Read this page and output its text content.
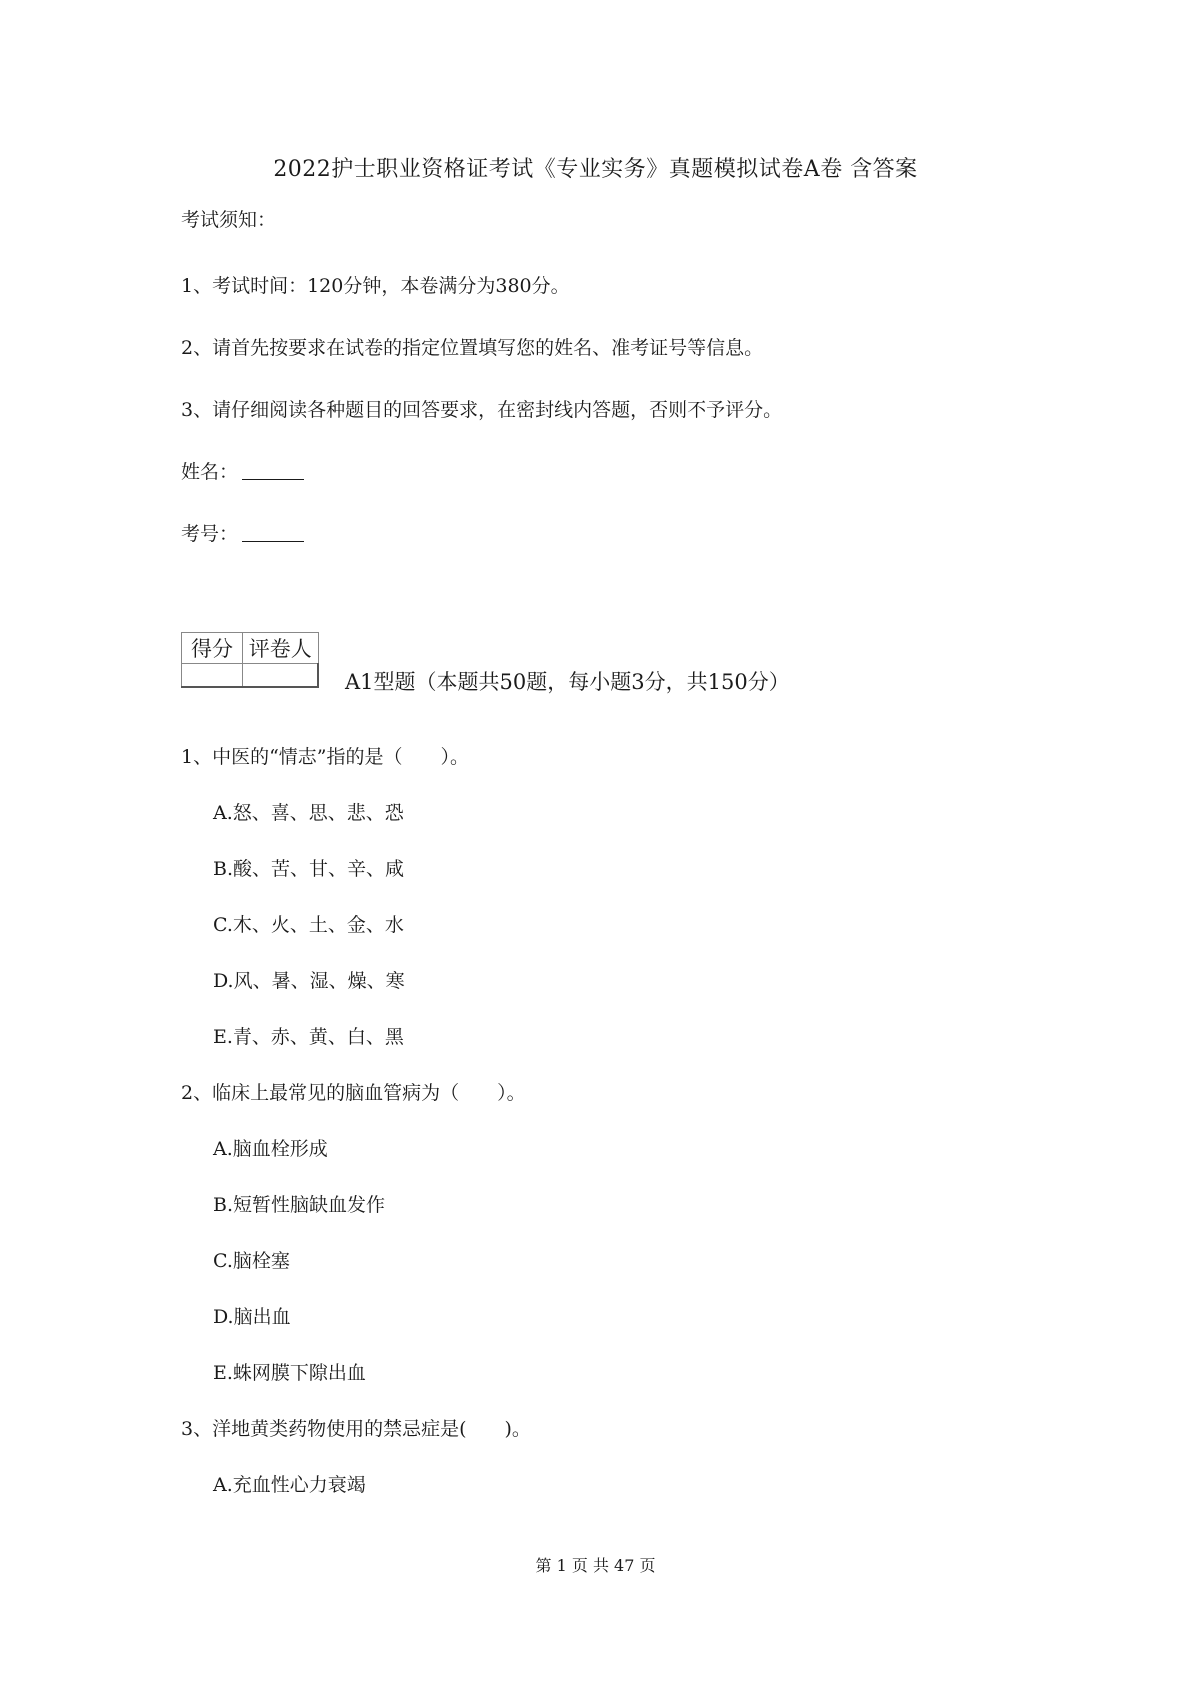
2022护士职业资格证考试《专业实务》真题模拟试卷A卷 含答案
考试须知：
1、考试时间：120分钟，本卷满分为380分。
2、请首先按要求在试卷的指定位置填写您的姓名、准考证号等信息。
3、请仔细阅读各种题目的回答要求，在密封线内答题，否则不予评分。
姓名：
考号：
得分	评卷人

A1型题（本题共50题，每小题3分，共150分）
1、中医的“情志”指的是（　　）。
A.怒、喜、思、悲、恐
B.酸、苦、甘、辛、咸
C.木、火、土、金、水
D.风、暑、湿、燥、寒
E.青、赤、黄、白、黑
2、临床上最常见的脑血管病为（　　）。
A.脑血栓形成
B.短暂性脑缺血发作
C.脑栓塞
D.脑出血
E.蛛网膜下隙出血
3、洋地黄类药物使用的禁忌症是(　　)。
A.充血性心力衰竭
第 1 页 共 47 页
